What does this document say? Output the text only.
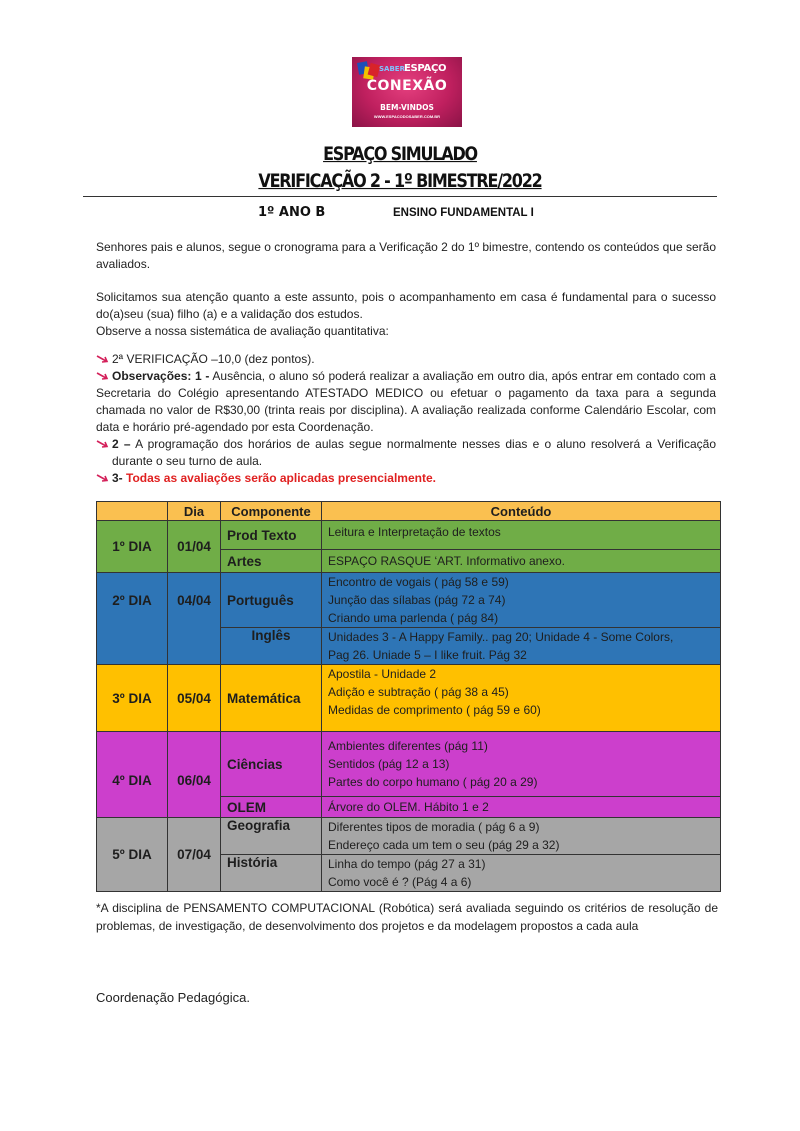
SABER ESPAÇO
CONEXÃO
BEM-VINDOS
WWW.ESPACODOSABER.COM.BR
ESPAÇO SIMULADO
VERIFICAÇÃO 2 - 1º BIMESTRE/2022
1º ANO B	ENSINO FUNDAMENTAL I
Senhores pais e alunos, segue o cronograma para a Verificação 2 do 1º bimestre, contendo os conteúdos que serão avaliados.
Solicitamos sua atenção quanto a este assunto, pois o acompanhamento em casa é fundamental para o sucesso do(a)seu (sua) filho (a) e a validação dos estudos.
Observe a nossa sistemática de avaliação quantitativa:
2ª VERIFICAÇÃO –10,0 (dez pontos).
Observações: 1 - Ausência, o aluno só poderá realizar a avaliação em outro dia, após entrar em contado com a Secretaria do Colégio apresentando ATESTADO MEDICO ou efetuar o pagamento da taxa para a segunda chamada no valor de R$30,00 (trinta reais por disciplina). A avaliação realizada conforme Calendário Escolar, com data e horário pré-agendado por esta Coordenação.
2 – A programação dos horários de aulas segue normalmente nesses dias e o aluno resolverá a Verificação durante o seu turno de aula.
3- Todas as avaliações serão aplicadas presencialmente.
	Dia	Componente	Conteúdo
1º DIA	01/04	Prod Texto	Leitura e Interpretação de textos

		Artes	ESPAÇO RASQUE ‘ART. Informativo anexo.

2º DIA	04/04	Português	Encontro de vogais ( pág 58 e 59)
Junção das sílabas (pág 72 a 74)
Criando uma parlenda ( pág 84)

		Inglês	Unidades 3 - A Happy Family.. pag 20; Unidade 4 - Some Colors,
Pag 26. Uniade 5 – I like fruit. Pág 32

3º DIA	05/04	Matemática	Apostila - Unidade 2
Adição e subtração ( pág 38 a 45)
Medidas de comprimento ( pág 59 e 60)

4º DIA	06/04	Ciências	Ambientes diferentes (pág 11)
Sentidos (pág 12 a 13)
Partes do corpo humano ( pág 20 a 29)

		OLEM	Árvore do OLEM. Hábito 1 e 2

5º DIA	07/04	Geografia	Diferentes tipos de moradia ( pág 6 a 9)
Endereço cada um tem o seu (pág 29 a 32)

		História	Linha do tempo (pág 27 a 31)
Como você é ? (Pág 4 a 6)
*A disciplina de PENSAMENTO COMPUTACIONAL (Robótica) será avaliada seguindo os critérios de resolução de problemas, de investigação, de desenvolvimento dos projetos e da modelagem propostos a cada aula
Coordenação Pedagógica.
